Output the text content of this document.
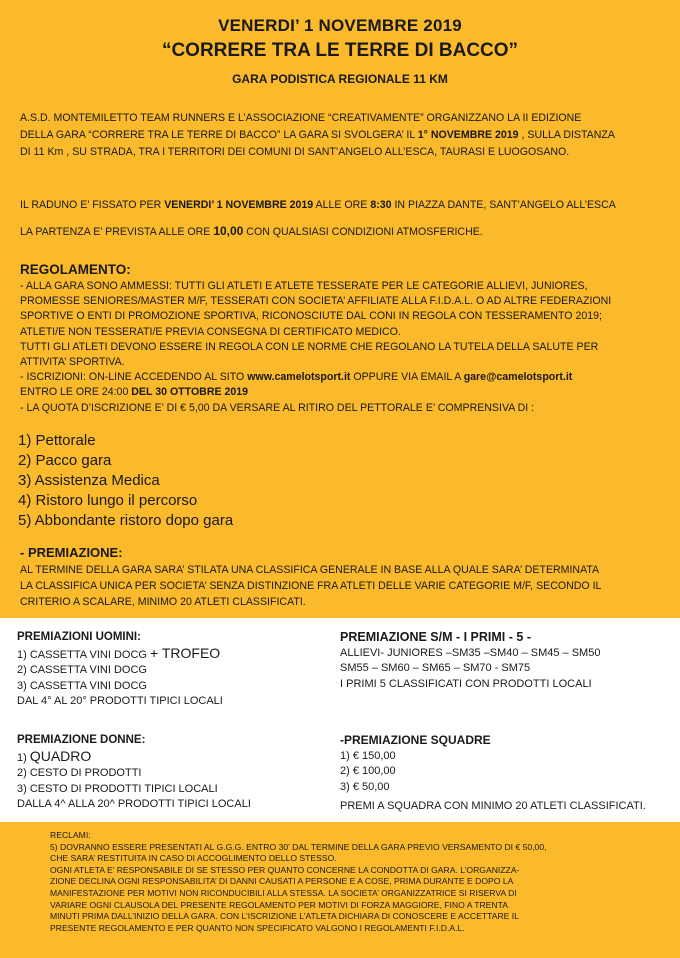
VENERDI’ 1 NOVEMBRE 2019
“CORRERE TRA LE TERRE DI BACCO”
GARA PODISTICA REGIONALE 11 KM
A.S.D. MONTEMILETTO TEAM RUNNERS E L’ASSOCIAZIONE “CREATIVAMENTE” ORGANIZZANO LA II EDIZIONE
DELLA GARA “CORRERE TRA LE TERRE DI BACCO” LA GARA SI SVOLGERA’ IL 1° NOVEMBRE 2019 , SULLA DISTANZA
DI 11 Km , SU STRADA, TRA I TERRITORI DEI COMUNI DI SANT’ANGELO ALL’ESCA, TAURASI E LUOGOSANO.
IL RADUNO E’ FISSATO PER VENERDI’ 1 NOVEMBRE 2019 ALLE ORE 8:30 IN PIAZZA DANTE, SANT’ANGELO ALL’ESCA
LA PARTENZA E’ PREVISTA ALLE ORE 10,00 CON QUALSIASI CONDIZIONI ATMOSFERICHE.
REGOLAMENTO:
- ALLA GARA SONO AMMESSI: TUTTI GLI ATLETI E ATLETE TESSERATE PER LE CATEGORIE ALLIEVI, JUNIORES,
PROMESSE SENIORES/MASTER M/F, TESSERATI CON SOCIETA’ AFFILIATE ALLA F.I.D.A.L. O AD ALTRE FEDERAZIONI
SPORTIVE O ENTI DI PROMOZIONE SPORTIVA, RICONOSCIUTE DAL CONI IN REGOLA CON TESSERAMENTO 2019;
ATLETI/E NON TESSERATI/E PREVIA CONSEGNA DI CERTIFICATO MEDICO.
TUTTI GLI ATLETI DEVONO ESSERE IN REGOLA CON LE NORME CHE REGOLANO LA TUTELA DELLA SALUTE PER
ATTIVITA’ SPORTIVA.
- ISCRIZIONI: ON-LINE ACCEDENDO AL SITO www.camelotsport.it OPPURE VIA EMAIL A gare@camelotsport.it
ENTRO LE ORE 24:00 DEL 30 OTTOBRE 2019
- LA QUOTA D’ISCRIZIONE E’ DI € 5,00 DA VERSARE AL RITIRO DEL PETTORALE E’ COMPRENSIVA DI :
1) Pettorale
2) Pacco gara
3) Assistenza Medica
4) Ristoro lungo il percorso
5) Abbondante ristoro dopo gara
- PREMIAZIONE:
AL TERMINE DELLA GARA SARA’ STILATA UNA CLASSIFICA GENERALE IN BASE ALLA QUALE SARA’ DETERMINATA
LA CLASSIFICA UNICA PER SOCIETA’ SENZA DISTINZIONE FRA ATLETI DELLE VARIE CATEGORIE M/F, SECONDO IL
CRITERIO A SCALARE, MINIMO 20 ATLETI CLASSIFICATI.
PREMIAZIONI UOMINI:
1) CASSETTA VINI DOCG + TROFEO
2) CASSETTA VINI DOCG
3) CASSETTA VINI DOCG
DAL 4° AL 20° PRODOTTI TIPICI LOCALI
PREMIAZIONE S/M - I PRIMI - 5 -
ALLIEVI- JUNIORES –SM35 –SM40 – SM45 – SM50
SM55 – SM60 – SM65 – SM70 - SM75
I PRIMI 5 CLASSIFICATI CON PRODOTTI LOCALI
PREMIAZIONE DONNE:
1) QUADRO
2) CESTO DI PRODOTTI
3) CESTO DI PRODOTTI TIPICI LOCALI
DALLA 4^ ALLA 20^ PRODOTTI TIPICI LOCALI
-PREMIAZIONE SQUADRE
1) € 150,00
2) € 100,00
3) € 50,00
PREMI A SQUADRA CON MINIMO 20 ATLETI CLASSIFICATI.
RECLAMI:
5) DOVRANNO ESSERE PRESENTATI AL G.G.G. ENTRO 30’ DAL TERMINE DELLA GARA PREVIO VERSAMENTO DI € 50,00,
CHE SARA’ RESTITUITA IN CASO DI ACCOGLIMENTO DELLO STESSO.
OGNI ATLETA E’ RESPONSABILE DI SE STESSO PER QUANTO CONCERNE LA CONDOTTA DI GARA. L’ORGANIZZA-
ZIONE DECLINA OGNI RESPONSABILITA’ DI DANNI CAUSATI A PERSONE E A COSE, PRIMA DURANTE E DOPO LA
MANIFESTAZIONE PER MOTIVI NON RICONDUCIBILI ALLA STESSA. LA SOCIETA’ ORGANIZZATRICE SI RISERVA DI
VARIARE OGNI CLAUSOLA DEL PRESENTE REGOLAMENTO PER MOTIVI DI FORZA MAGGIORE, FINO A TRENTA
MINUTI PRIMA DALL’INIZIO DELLA GARA. CON L’ISCRIZIONE L’ATLETA DICHIARA DI CONOSCERE E ACCETTARE IL
PRESENTE REGOLAMENTO E PER QUANTO NON SPECIFICATO VALGONO I REGOLAMENTI F.I.D.A.L.
